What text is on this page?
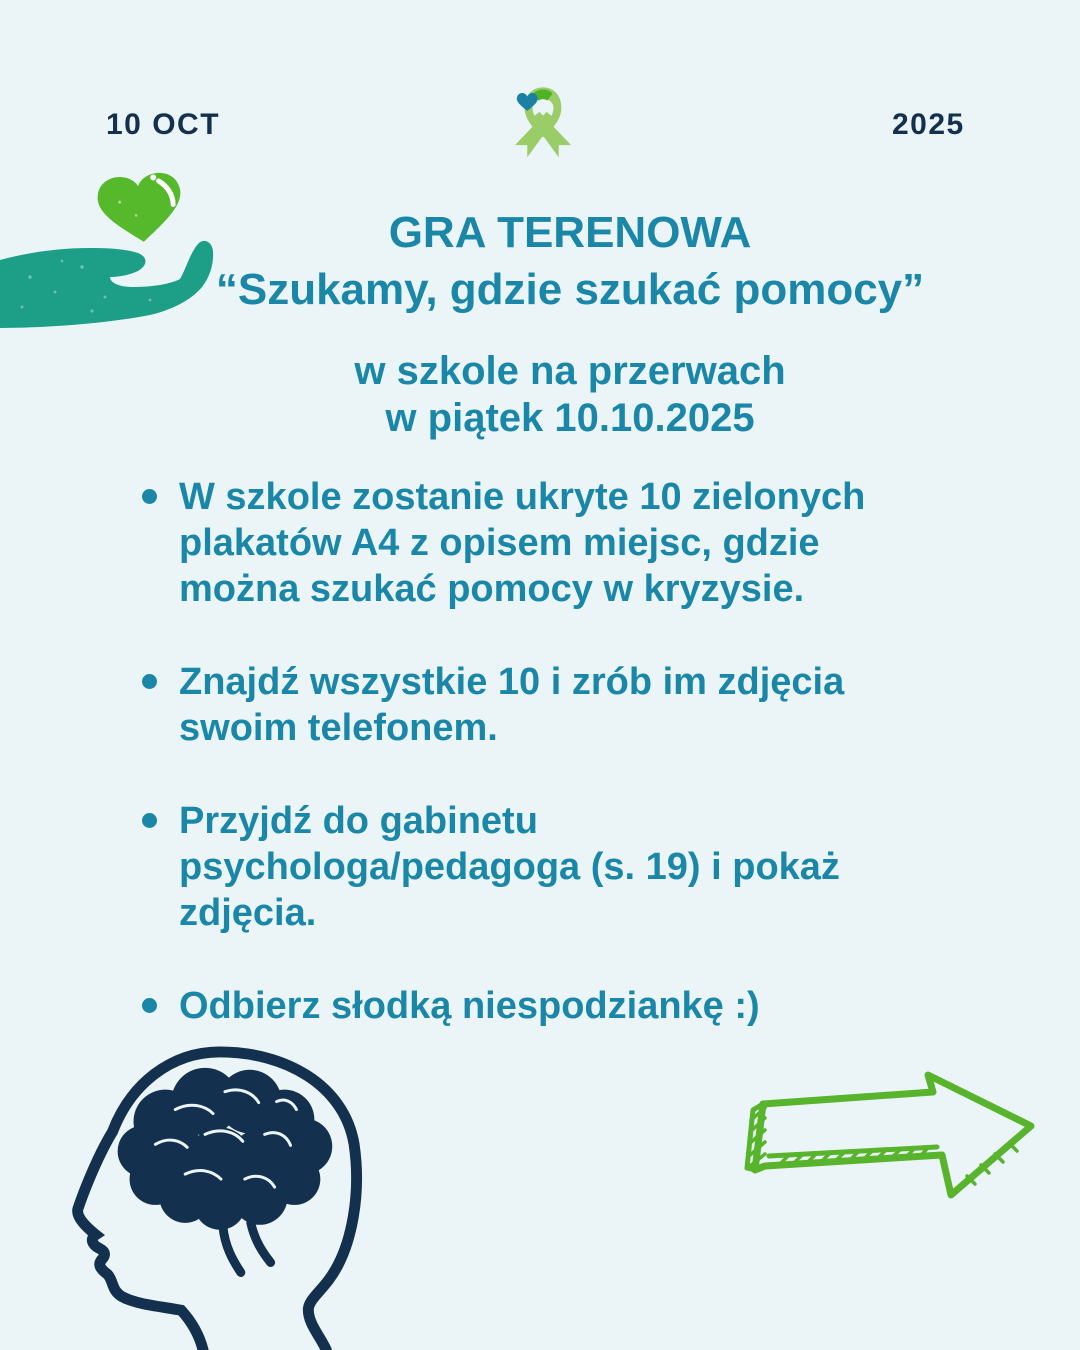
10 OCT	2025
GRA TERENOWA
“Szukamy, gdzie szukać pomocy”
w szkole na przerwach
w piątek 10.10.2025
W szkole zostanie ukryte 10 zielonych
plakatów A4 z opisem miejsc, gdzie
można szukać pomocy w kryzysie.
Znajdź wszystkie 10 i zrób im zdjęcia
swoim telefonem.
Przyjdź do gabinetu
psychologa/pedagoga (s. 19) i pokaż
zdjęcia.
Odbierz słodką niespodziankę :)
